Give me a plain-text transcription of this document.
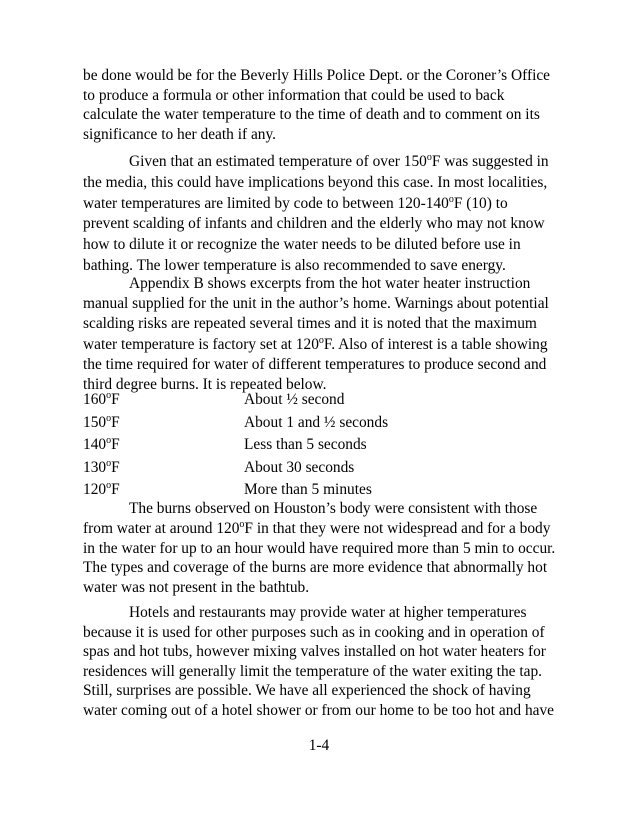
be done would be for the Beverly Hills Police Dept. or the Coroner’s Office
to produce a formula or other information that could be used to back
calculate the water temperature to the time of death and to comment on its
significance to her death if any.
Given that an estimated temperature of over 150$^o$F was suggested in
the media, this could have implications beyond this case. In most localities,
water temperatures are limited by code to between 120-140$^o$F (10) to
prevent scalding of infants and children and the elderly who may not know
how to dilute it or recognize the water needs to be diluted before use in
bathing. The lower temperature is also recommended to save energy.
Appendix B shows excerpts from the hot water heater instruction
manual supplied for the unit in the author’s home. Warnings about potential
scalding risks are repeated several times and it is noted that the maximum
water temperature is factory set at 120$^o$F. Also of interest is a table showing
the time required for water of different temperatures to produce second and
third degree burns. It is repeated below.
160$^o$F	About ½ second
150$^o$F	About 1 and ½ seconds
140$^o$F	Less than 5 seconds
130$^o$F	About 30 seconds
120$^o$F	More than 5 minutes
The burns observed on Houston’s body were consistent with those
from water at around 120$^o$F in that they were not widespread and for a body
in the water for up to an hour would have required more than 5 min to occur.
The types and coverage of the burns are more evidence that abnormally hot
water was not present in the bathtub.
Hotels and restaurants may provide water at higher temperatures
because it is used for other purposes such as in cooking and in operation of
spas and hot tubs, however mixing valves installed on hot water heaters for
residences will generally limit the temperature of the water exiting the tap.
Still, surprises are possible. We have all experienced the shock of having
water coming out of a hotel shower or from our home to be too hot and have
1-4
